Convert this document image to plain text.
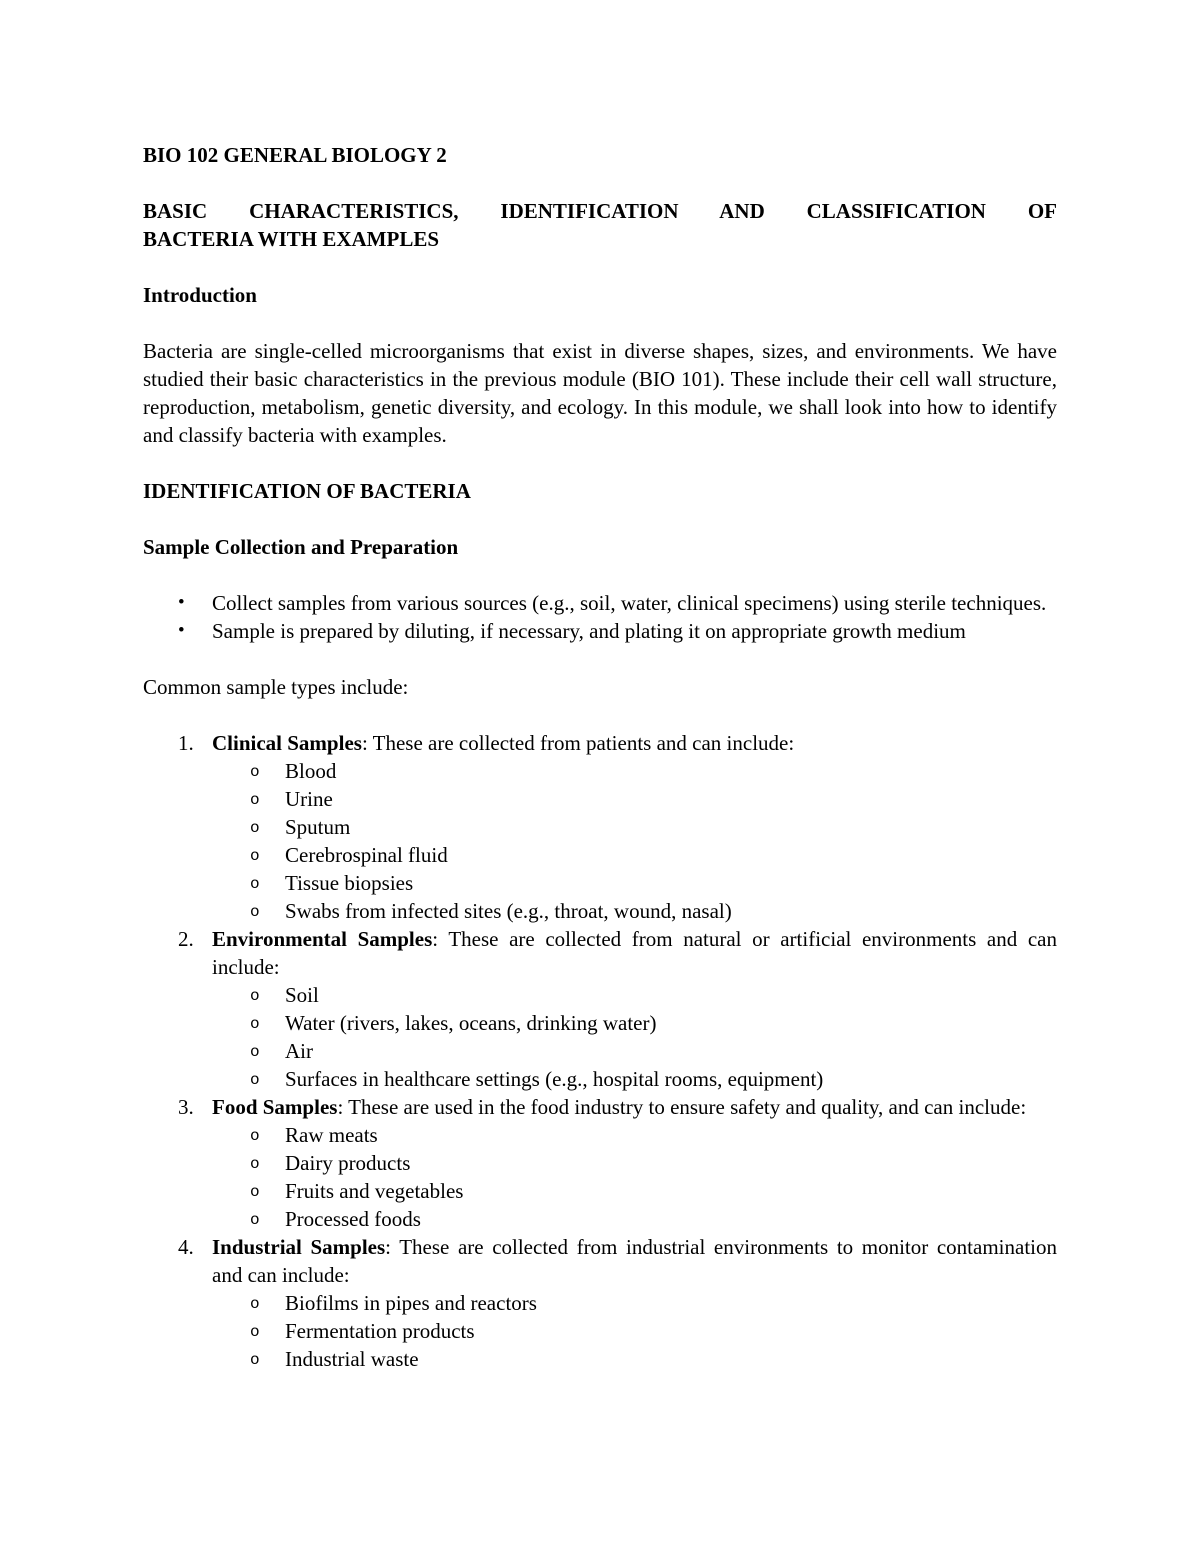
BIO 102 GENERAL BIOLOGY 2
BASIC CHARACTERISTICS, IDENTIFICATION AND CLASSIFICATION OF
BACTERIA WITH EXAMPLES
Introduction

Bacteria are single-celled microorganisms that exist in diverse shapes, sizes, and environments. We have studied their basic characteristics in the previous module (BIO 101). These include their cell wall structure, reproduction, metabolism, genetic diversity, and ecology. In this module, we shall look into how to identify and classify bacteria with examples.

IDENTIFICATION OF BACTERIA
Sample Collection and Preparation
• Collect samples from various sources (e.g., soil, water, clinical specimens) using sterile techniques.
• Sample is prepared by diluting, if necessary, and plating it on appropriate growth medium

Common sample types include:

1. Clinical Samples: These are collected from patients and can include:
o Blood
o Urine
o Sputum
o Cerebrospinal fluid
o Tissue biopsies
o Swabs from infected sites (e.g., throat, wound, nasal)
2. Environmental Samples: These are collected from natural or artificial environments and can include:
o Soil
o Water (rivers, lakes, oceans, drinking water)
o Air
o Surfaces in healthcare settings (e.g., hospital rooms, equipment)
3. Food Samples: These are used in the food industry to ensure safety and quality, and can include:
o Raw meats
o Dairy products
o Fruits and vegetables
o Processed foods
4. Industrial Samples: These are collected from industrial environments to monitor contamination and can include:
o Biofilms in pipes and reactors
o Fermentation products
o Industrial waste
